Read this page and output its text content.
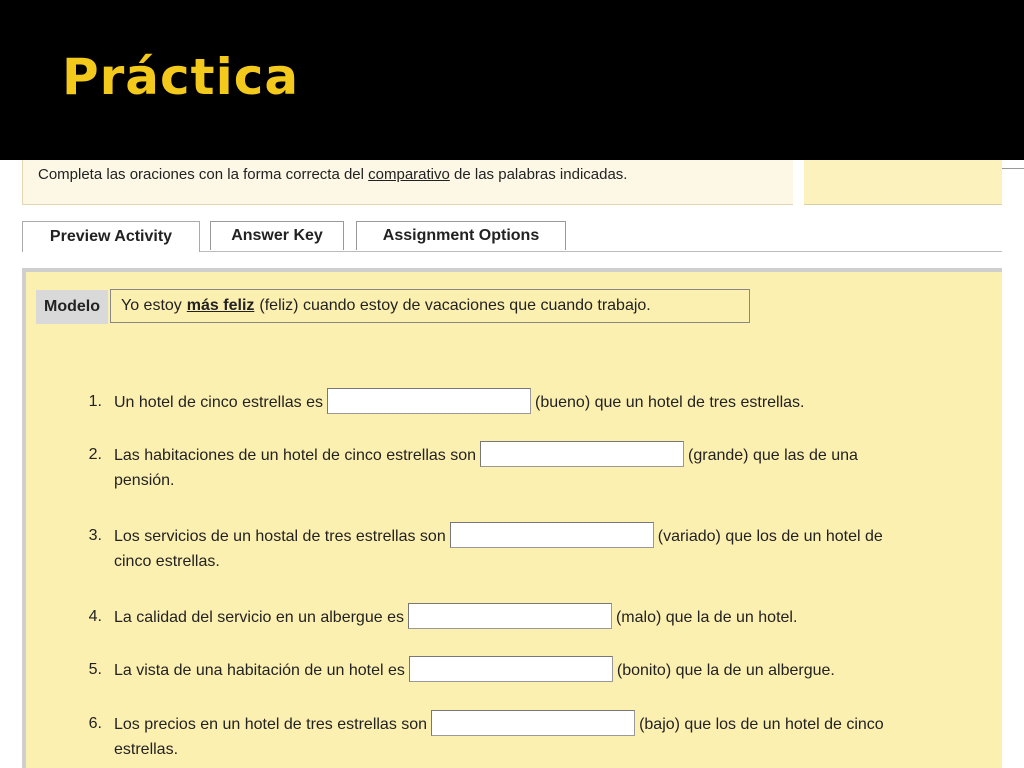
Práctica
Completa las oraciones con la forma correcta del comparativo de las palabras indicadas.
Preview Activity	Answer Key	Assignment Options
Modelo	Yo estoy más feliz (feliz) cuando estoy de vacaciones que cuando trabajo.
1. Un hotel de cinco estrellas es	(bueno) que un hotel de tres estrellas.
2. Las habitaciones de un hotel de cinco estrellas son	(grande) que las de una
pensión.
3. Los servicios de un hostal de tres estrellas son	(variado) que los de un hotel de
cinco estrellas.
4. La calidad del servicio en un albergue es	(malo) que la de un hotel.
5. La vista de una habitación de un hotel es	(bonito) que la de un albergue.
6. Los precios en un hotel de tres estrellas son	(bajo) que los de un hotel de cinco
estrellas.
